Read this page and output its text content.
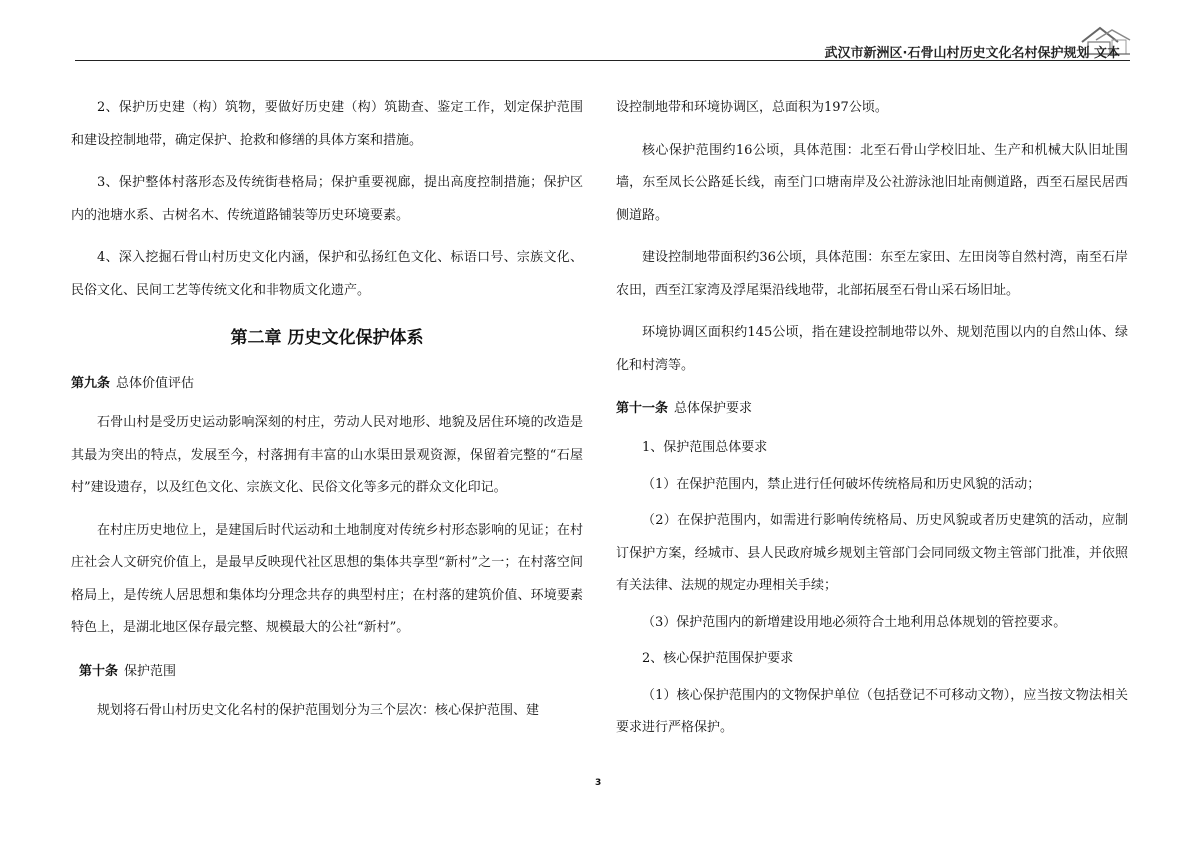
武汉市新洲区·石骨山村历史文化名村保护规划 文本

2、保护历史建（构）筑物，要做好历史建（构）筑勘查、鉴定工作，划定保护范围和建设控制地带，确定保护、抢救和修缮的具体方案和措施。

3、保护整体村落形态及传统街巷格局；保护重要视廊，提出高度控制措施；保护区内的池塘水系、古树名木、传统道路铺装等历史环境要素。

4、深入挖掘石骨山村历史文化内涵，保护和弘扬红色文化、标语口号、宗族文化、民俗文化、民间工艺等传统文化和非物质文化遗产。

第二章 历史文化保护体系
第九条 总体价值评估

石骨山村是受历史运动影响深刻的村庄，劳动人民对地形、地貌及居住环境的改造是其最为突出的特点，发展至今，村落拥有丰富的山水渠田景观资源，保留着完整的“石屋村”建设遗存，以及红色文化、宗族文化、民俗文化等多元的群众文化印记。

在村庄历史地位上，是建国后时代运动和土地制度对传统乡村形态影响的见证；在村庄社会人文研究价值上，是最早反映现代社区思想的集体共享型“新村”之一；在村落空间格局上，是传统人居思想和集体均分理念共存的典型村庄；在村落的建筑价值、环境要素特色上，是湖北地区保存最完整、规模最大的公社“新村”。

第十条 保护范围

规划将石骨山村历史文化名村的保护范围划分为三个层次：核心保护范围、建

设控制地带和环境协调区，总面积为197公顷。

核心保护范围约16公顷，具体范围：北至石骨山学校旧址、生产和机械大队旧址围墙，东至凤长公路延长线，南至门口塘南岸及公社游泳池旧址南侧道路，西至石屋民居西侧道路。

建设控制地带面积约36公顷，具体范围：东至左家田、左田岗等自然村湾，南至石岸农田，西至江家湾及浮尾渠沿线地带，北部拓展至石骨山采石场旧址。

环境协调区面积约145公顷，指在建设控制地带以外、规划范围以内的自然山体、绿化和村湾等。

第十一条 总体保护要求

1、保护范围总体要求

（1）在保护范围内，禁止进行任何破坏传统格局和历史风貌的活动；

（2）在保护范围内，如需进行影响传统格局、历史风貌或者历史建筑的活动，应制订保护方案，经城市、县人民政府城乡规划主管部门会同同级文物主管部门批准，并依照有关法律、法规的规定办理相关手续；

（3）保护范围内的新增建设用地必须符合土地利用总体规划的管控要求。

2、核心保护范围保护要求

（1）核心保护范围内的文物保护单位（包括登记不可移动文物），应当按文物法相关要求进行严格保护。

3
